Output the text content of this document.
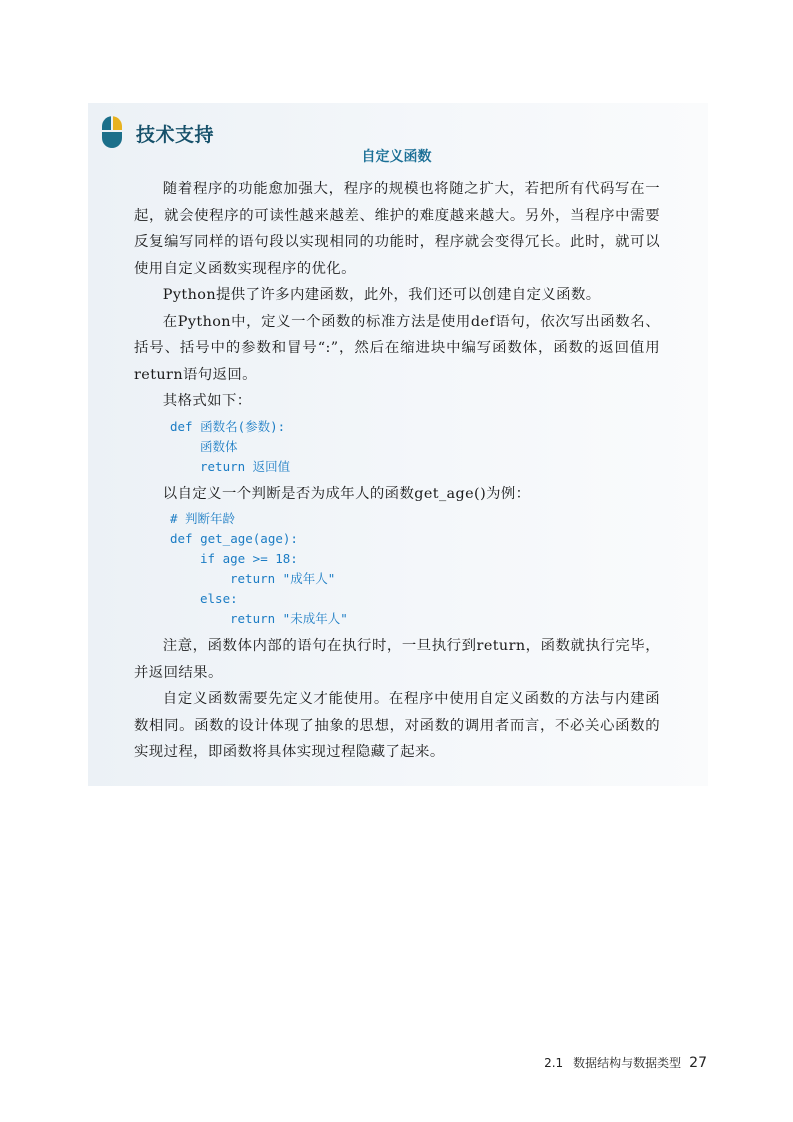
技术支持
自定义函数

随着程序的功能愈加强大，程序的规模也将随之扩大，若把所有代码写在一起，就会使程序的可读性越来越差、维护的难度越来越大。另外，当程序中需要反复编写同样的语句段以实现相同的功能时，程序就会变得冗长。此时，就可以使用自定义函数实现程序的优化。

Python提供了许多内建函数，此外，我们还可以创建自定义函数。

在Python中，定义一个函数的标准方法是使用def语句，依次写出函数名、括号、括号中的参数和冒号“:”，然后在缩进块中编写函数体，函数的返回值用return语句返回。

其格式如下：

def 函数名(参数):
函数体
return 返回值

以自定义一个判断是否为成年人的函数get_age()为例：

# 判断年龄
def get_age(age):
if age >= 18:
return "成年人"
else:
return "未成年人"

注意，函数体内部的语句在执行时，一旦执行到return，函数就执行完毕，并返回结果。

自定义函数需要先定义才能使用。在程序中使用自定义函数的方法与内建函数相同。函数的设计体现了抽象的思想，对函数的调用者而言，不必关心函数的实现过程，即函数将具体实现过程隐藏了起来。

2.1 数据结构与数据类型 27
